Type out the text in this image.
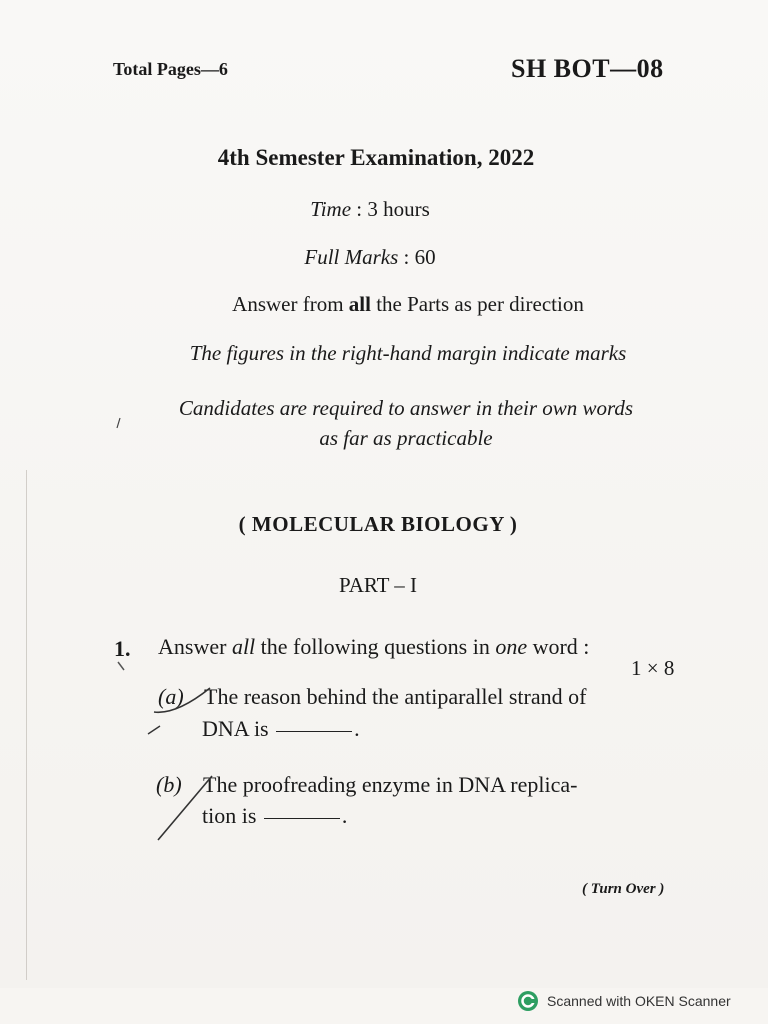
Total Pages—6	SH BOT—08
4th Semester Examination, 2022
Time : 3 hours
Full Marks : 60
Answer from all the Parts as per direction
The figures in the right-hand margin indicate marks
Candidates are required to answer in their own words
as far as practicable
( MOLECULAR BIOLOGY )
PART – I
1. Answer all the following questions in one word :
1 × 8
(a) The reason behind the antiparallel strand of
DNA is	.
(b) The proofreading enzyme in DNA replica-
tion is	.
( Turn Over )
Scanned with OKEN Scanner
